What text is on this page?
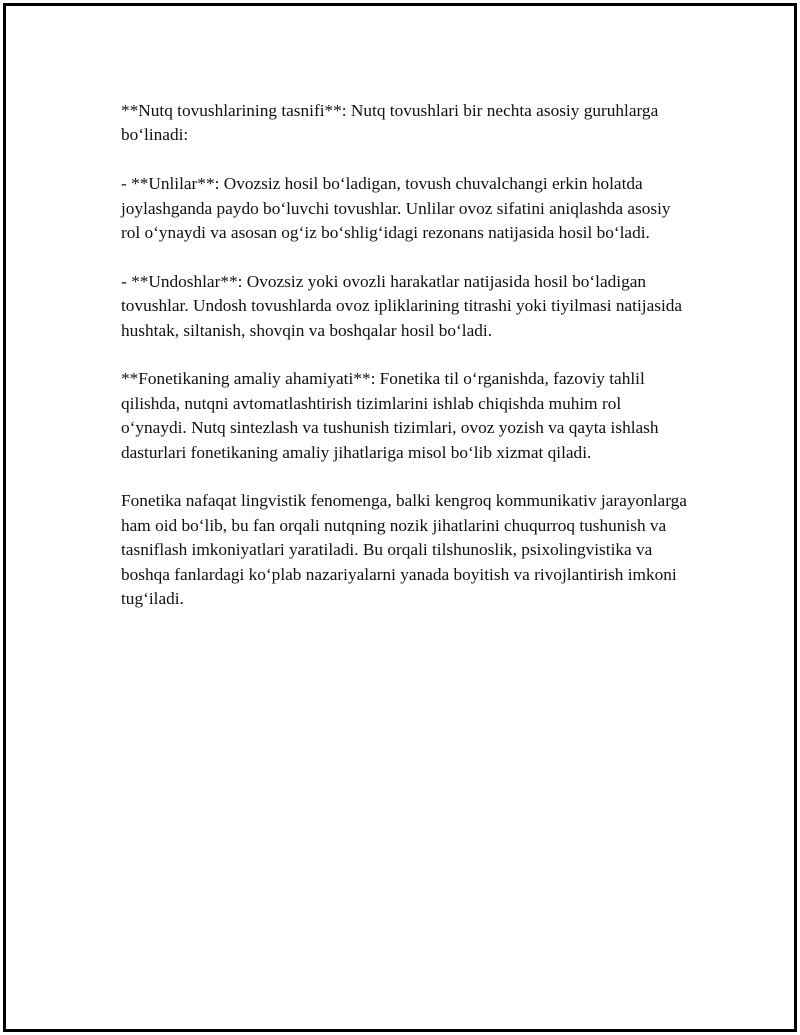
**Nutq tovushlarining tasnifi**: Nutq tovushlari bir nechta asosiy guruhlarga bo‘linadi:

- **Unlilar**: Ovozsiz hosil bo‘ladigan, tovush chuvalchangi erkin holatda joylashganda paydo bo‘luvchi tovushlar. Unlilar ovoz sifatini aniqlashda asosiy rol o‘ynaydi va asosan og‘iz bo‘shlig‘idagi rezonans natijasida hosil bo‘ladi.

- **Undoshlar**: Ovozsiz yoki ovozli harakatlar natijasida hosil bo‘ladigan tovushlar. Undosh tovushlarda ovoz ipliklarining titrashi yoki tiyilmasi natijasida hushtak, siltanish, shovqin va boshqalar hosil bo‘ladi.

**Fonetikaning amaliy ahamiyati**: Fonetika til o‘rganishda, fazoviy tahlil qilishda, nutqni avtomatlashtirish tizimlarini ishlab chiqishda muhim rol o‘ynaydi. Nutq sintezlash va tushunish tizimlari, ovoz yozish va qayta ishlash dasturlari fonetikaning amaliy jihatlariga misol bo‘lib xizmat qiladi.

Fonetika nafaqat lingvistik fenomenga, balki kengroq kommunikativ jarayonlarga ham oid bo‘lib, bu fan orqali nutqning nozik jihatlarini chuqurroq tushunish va tasniflash imkoniyatlari yaratiladi. Bu orqali tilshunoslik, psixolingvistika va boshqa fanlardagi ko‘plab nazariyalarni yanada boyitish va rivojlantirish imkoni tug‘iladi.
